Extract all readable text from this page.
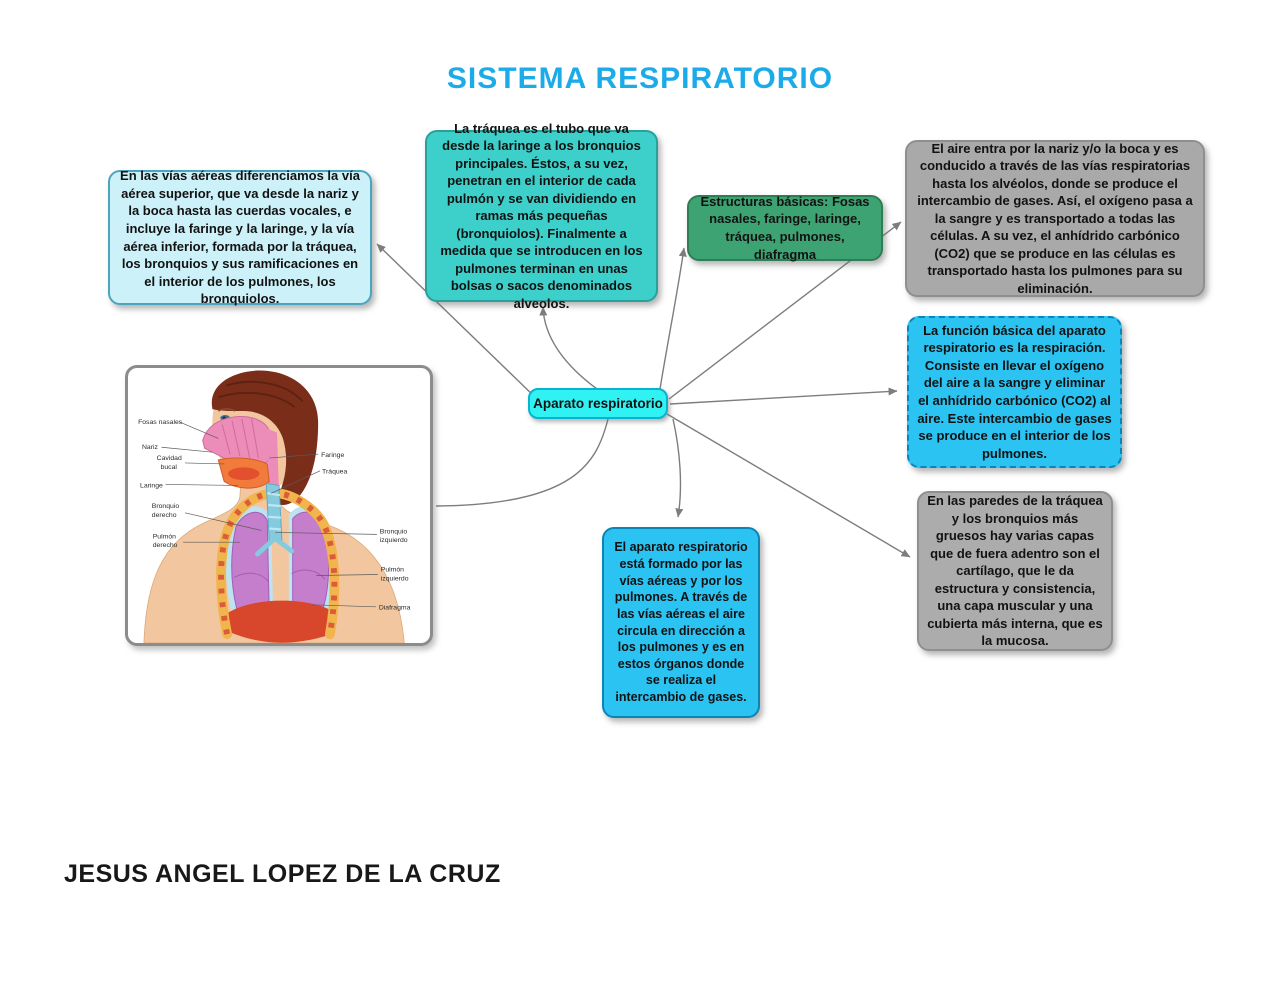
SISTEMA RESPIRATORIO
En las vías aéreas diferenciamos la vía aérea superior, que va desde la nariz y la boca hasta las cuerdas vocales, e incluye la faringe y la laringe, y la vía aérea inferior, formada por la tráquea, los bronquios y sus ramificaciones en el interior de los pulmones, los bronquiolos.
La tráquea es el tubo que va desde la laringe a los bronquios principales. Éstos, a su vez, penetran en el interior de cada pulmón y se van dividiendo en ramas más pequeñas (bronquiolos). Finalmente a medida que se introducen en los pulmones terminan en unas bolsas o sacos denominados alveolos.
Estructuras básicas: Fosas nasales, faringe, laringe, tráquea, pulmones, diafragma
El aire entra por la nariz y/o la boca y es conducido a través de las vías respiratorias hasta los alvéolos, donde se produce el intercambio de gases. Así, el oxígeno pasa a la sangre y es transportado a todas las células. A su vez, el anhídrido carbónico (CO2) que se produce en las células es transportado hasta los pulmones para su eliminación.
La función básica del aparato respiratorio es la respiración. Consiste en llevar el oxígeno del aire a la sangre y eliminar el anhídrido carbónico (CO2) al aire. Este intercambio de gases se produce en el interior de los pulmones.
En las paredes de la tráquea y los bronquios más gruesos hay varias capas que de fuera adentro son el cartílago, que le da estructura y consistencia, una capa muscular y una cubierta más interna, que es la mucosa.
El aparato respiratorio está formado por las vías aéreas y por los pulmones. A través de las vías aéreas el aire circula en dirección a los pulmones y es en estos órganos donde se realiza el intercambio de gases.
Aparato respiratorio
Fosas nasales
Nariz
Cavidad
bucal
Laringe
Bronquio
derecho
Pulmón
derecho
Faringe
Tráquea
Bronquio
izquierdo
Pulmón
izquierdo
Diafragma
JESUS ANGEL LOPEZ DE LA CRUZ
